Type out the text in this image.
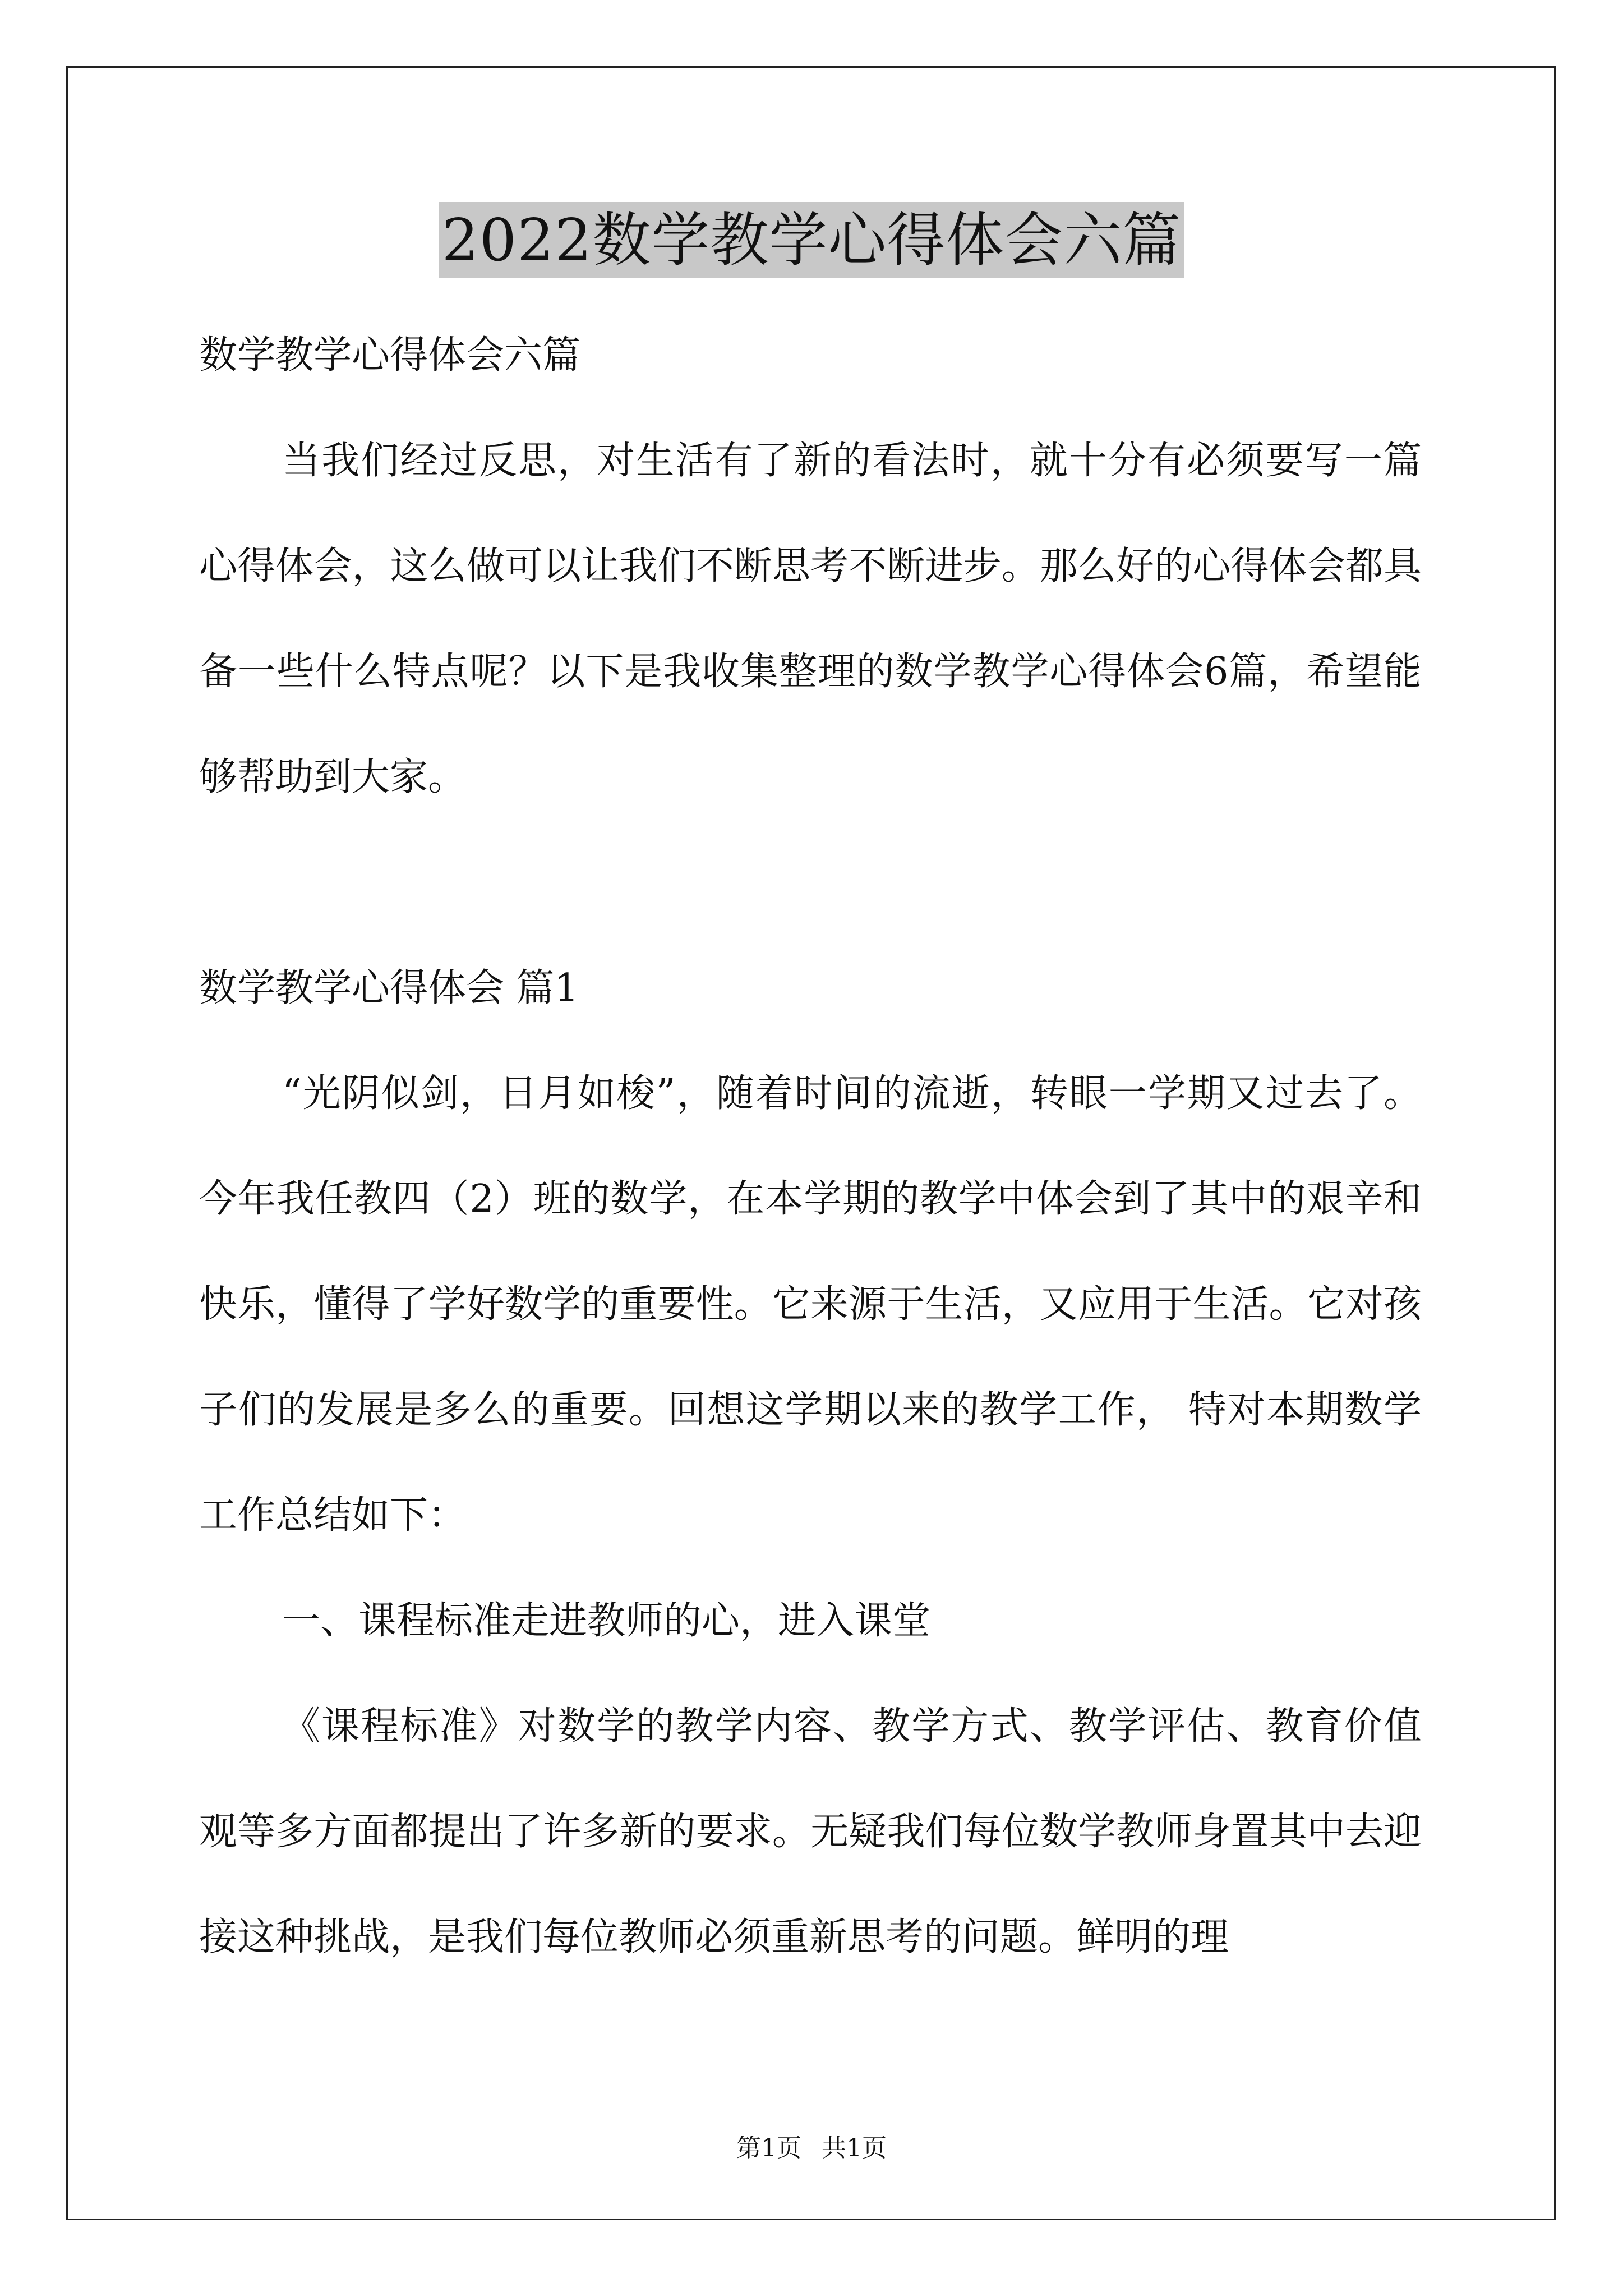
2022数学教学心得体会六篇

数学教学心得体会六篇

当我们经过反思，对生活有了新的看法时，就十分有必须要写一篇心得体会，这么做可以让我们不断思考不断进步。那么好的心得体会都具备一些什么特点呢？以下是我收集整理的数学教学心得体会6篇，希望能够帮助到大家。

数学教学心得体会 篇1

“光阴似剑，日月如梭”，随着时间的流逝，转眼一学期又过去了。今年我任教四（2）班的数学，在本学期的教学中体会到了其中的艰辛和快乐，懂得了学好数学的重要性。它来源于生活，又应用于生活。它对孩子们的发展是多么的重要。回想这学期以来的教学工作， 特对本期数学工作总结如下：

一、课程标准走进教师的心，进入课堂

《课程标准》对数学的教学内容、教学方式、教学评估、教育价值观等多方面都提出了许多新的要求。无疑我们每位数学教师身置其中去迎接这种挑战，是我们每位教师必须重新思考的问题。鲜明的理

第1页 共1页
